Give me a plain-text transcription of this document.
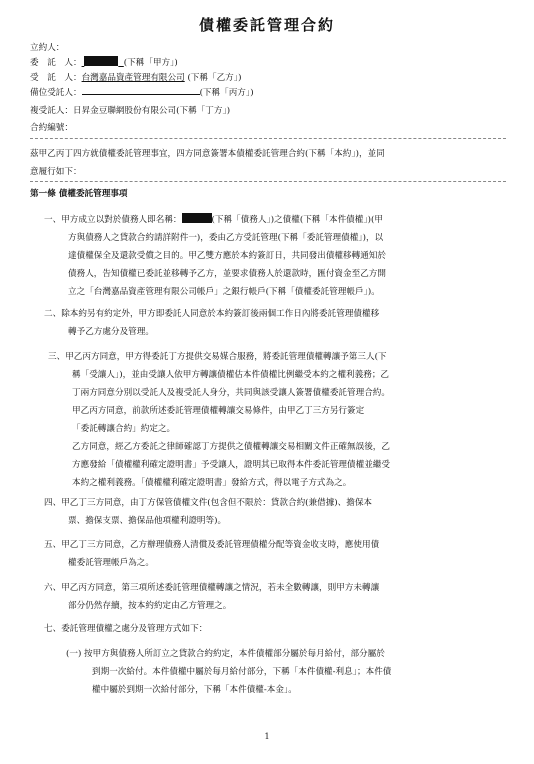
債權委託管理合約
立約人：
委　託　人：	(下稱「甲方」)
受　託　人：台灣嘉品資產管理有限公司 (下稱「乙方」)
備位受託人：	(下稱「丙方」)
複受託人：日昇金豆聯網股份有限公司(下稱「丁方」)
合約編號：
茲甲乙丙丁四方就債權委託管理事宜，四方同意簽署本債權委託管理合約(下稱「本約」)，並同
意履行如下：
第一條 債權委託管理事項
一、甲方成立以對於債務人即名稱：	(下稱「債務人」)之債權(下稱「本件債權」)(甲
方與債務人之貸款合約請詳附件一)，委由乙方受託管理(下稱「委託管理債權」)，以
達債權保全及還款受償之目的。甲乙雙方應於本約簽訂日，共同發出債權移轉通知於
債務人，告知債權已委託並移轉予乙方，並要求債務人於還款時，匯付資金至乙方開
立之「台灣嘉品資產管理有限公司帳戶」之銀行帳戶(下稱「債權委託管理帳戶」)。
二、除本約另有約定外，甲方即委託人同意於本約簽訂後兩個工作日內將委託管理債權移
轉予乙方處分及管理。
三、甲乙丙方同意，甲方得委託丁方提供交易媒合服務，將委託管理債權轉讓予第三人(下
稱「受讓人」)，並由受讓人依甲方轉讓債權估本件債權比例繼受本約之權利義務；乙
丁兩方同意分別以受託人及複受託人身分，共同與該受讓人簽署債權委託管理合約。
甲乙丙方同意，前款所述委託管理債權轉讓交易條件，由甲乙丁三方另行簽定
「委託轉讓合約」約定之。
乙方同意，經乙方委託之律師確認丁方提供之債權轉讓交易相關文件正確無誤後，乙
方應發給「債權權利確定證明書」予受讓人，證明其已取得本件委託管理債權並繼受
本約之權利義務。「債權權利確定證明書」發給方式，得以電子方式為之。
四、甲乙丁三方同意，由丁方保管債權文件(包含但不限於：貸款合約(兼借據)、擔保本
票、擔保支票、擔保品他項權利證明等)。
五、甲乙丁三方同意，乙方辦理債務人清償及委託管理債權分配等資金收支時，應使用債
權委託管理帳戶為之。
六、甲乙丙方同意，第三項所述委託管理債權轉讓之情況，若未全數轉讓，則甲方未轉讓
部分仍然存續，按本約約定由乙方管理之。
七、委託管理債權之處分及管理方式如下：
(一) 按甲方與債務人所訂立之貸款合約約定，本件債權部分屬於每月給付，部分屬於
到期一次給付。本件債權中屬於每月給付部分，下稱「本件債權-利息」；本件債
權中屬於到期一次給付部分，下稱「本件債權-本金」。
1
